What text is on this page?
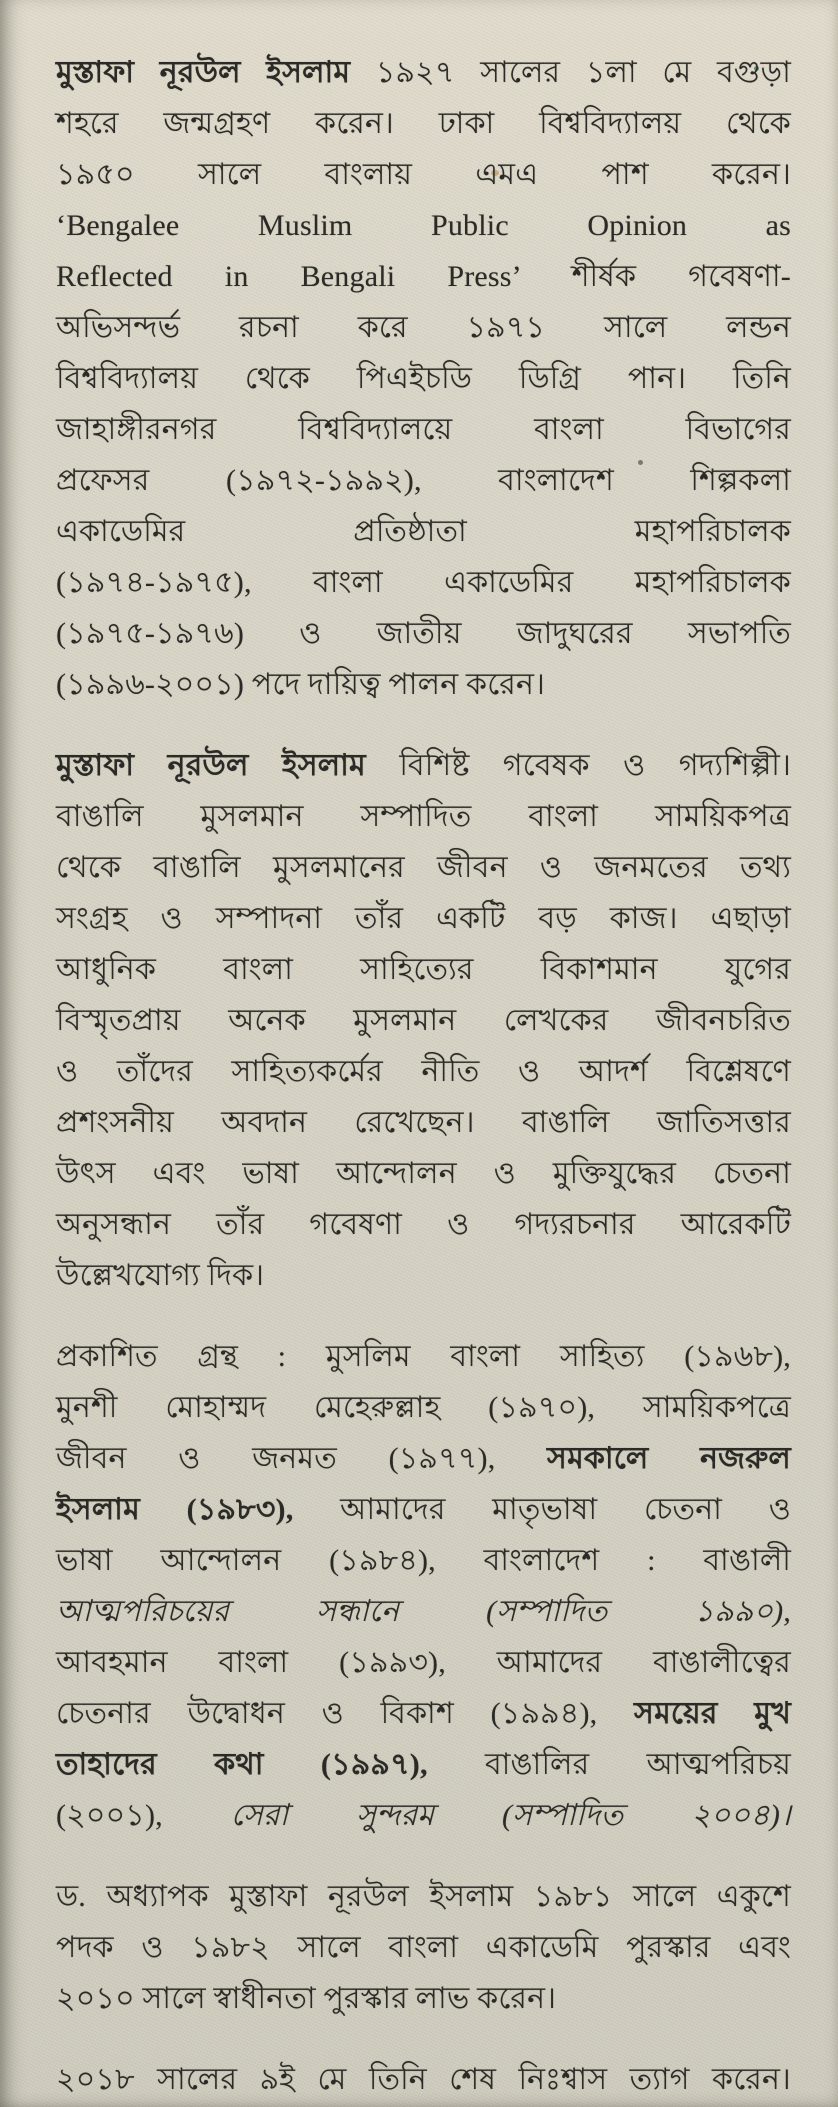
মুস্তাফা নূরউল ইসলাম ১৯২৭ সালের ১লা মে বগুড়া
শহরে জন্মগ্রহণ করেন। ঢাকা বিশ্ববিদ্যালয় থেকে
১৯৫০ সালে বাংলায় এমএ পাশ করেন।
‘Bengalee Muslim Public Opinion as
Reflected in Bengali Press’ শীর্ষক গবেষণা-
অভিসন্দর্ভ রচনা করে ১৯৭১ সালে লন্ডন
বিশ্ববিদ্যালয় থেকে পিএইচডি ডিগ্রি পান। তিনি
জাহাঙ্গীরনগর বিশ্ববিদ্যালয়ে বাংলা বিভাগের
প্রফেসর (১৯৭২-১৯৯২), বাংলাদেশ শিল্পকলা
একাডেমির প্রতিষ্ঠাতা মহাপরিচালক
(১৯৭৪-১৯৭৫), বাংলা একাডেমির মহাপরিচালক
(১৯৭৫-১৯৭৬) ও জাতীয় জাদুঘরের সভাপতি
(১৯৯৬-২০০১) পদে দায়িত্ব পালন করেন।
মুস্তাফা নূরউল ইসলাম বিশিষ্ট গবেষক ও গদ্যশিল্পী।
বাঙালি মুসলমান সম্পাদিত বাংলা সাময়িকপত্র
থেকে বাঙালি মুসলমানের জীবন ও জনমতের তথ্য
সংগ্রহ ও সম্পাদনা তাঁর একটি বড় কাজ। এছাড়া
আধুনিক বাংলা সাহিত্যের বিকাশমান যুগের
বিস্মৃতপ্রায় অনেক মুসলমান লেখকের জীবনচরিত
ও তাঁদের সাহিত্যকর্মের নীতি ও আদর্শ বিশ্লেষণে
প্রশংসনীয় অবদান রেখেছেন। বাঙালি জাতিসত্তার
উৎস এবং ভাষা আন্দোলন ও মুক্তিযুদ্ধের চেতনা
অনুসন্ধান তাঁর গবেষণা ও গদ্যরচনার আরেকটি
উল্লেখযোগ্য দিক।
প্রকাশিত গ্রন্থ : মুসলিম বাংলা সাহিত্য (১৯৬৮),
মুনশী মোহাম্মদ মেহেরুল্লাহ (১৯৭০), সাময়িকপত্রে
জীবন ও জনমত (১৯৭৭), সমকালে নজরুল
ইসলাম (১৯৮৩), আমাদের মাতৃভাষা চেতনা ও
ভাষা আন্দোলন (১৯৮৪), বাংলাদেশ : বাঙালী
আত্মপরিচয়ের সন্ধানে (সম্পাদিত ১৯৯০),
আবহমান বাংলা (১৯৯৩), আমাদের বাঙালীত্বের
চেতনার উদ্বোধন ও বিকাশ (১৯৯৪), সময়ের মুখ
তাহাদের কথা (১৯৯৭), বাঙালির আত্মপরিচয়
(২০০১), সেরা সুন্দরম (সম্পাদিত ২০০৪)।
ড. অধ্যাপক মুস্তাফা নূরউল ইসলাম ১৯৮১ সালে একুশে
পদক ও ১৯৮২ সালে বাংলা একাডেমি পুরস্কার এবং
২০১০ সালে স্বাধীনতা পুরস্কার লাভ করেন।
২০১৮ সালের ৯ই মে তিনি শেষ নিঃশ্বাস ত্যাগ করেন।
